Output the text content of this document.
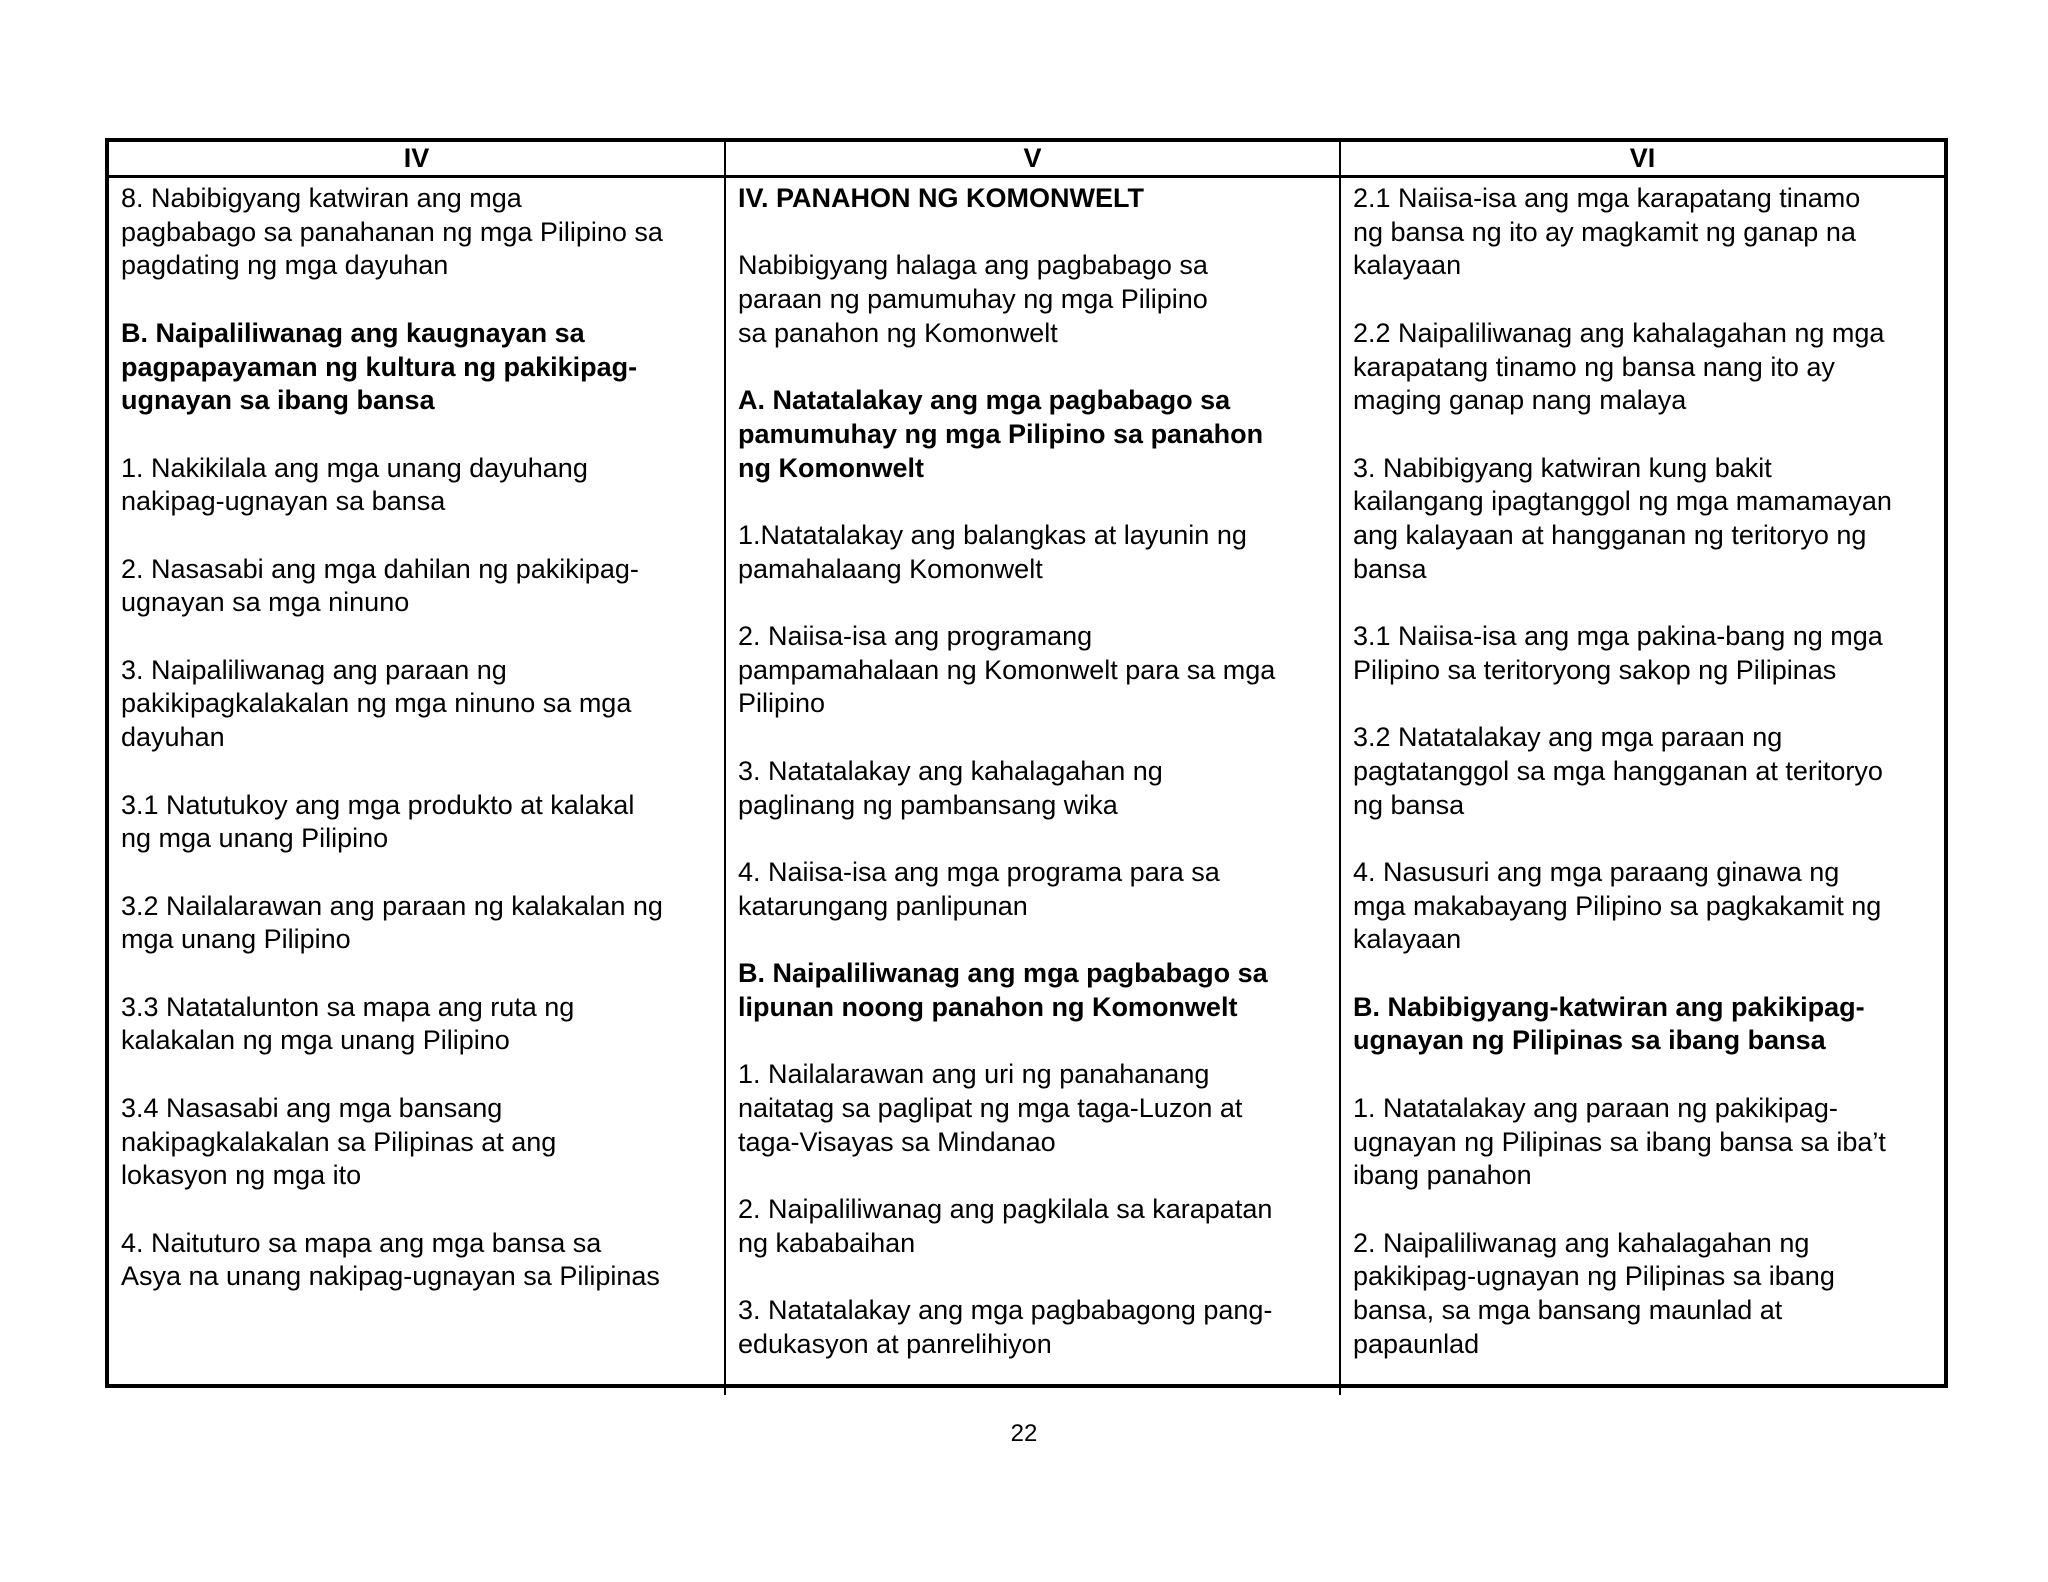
IV	V	VI

8. Nabibigyang katwiran ang mga
pagbabago sa panahanan ng mga Pilipino sa
pagdating ng mga dayuhan

B. Naipaliliwanag ang kaugnayan sa
pagpapayaman ng kultura ng pakikipag-
ugnayan sa ibang bansa

1. Nakikilala ang mga unang dayuhang
nakipag-ugnayan sa bansa

2. Nasasabi ang mga dahilan ng pakikipag-
ugnayan sa mga ninuno

3. Naipaliliwanag ang paraan ng
pakikipagkalakalan ng mga ninuno sa mga
dayuhan

3.1 Natutukoy ang mga produkto at kalakal
ng mga unang Pilipino

3.2 Nailalarawan ang paraan ng kalakalan ng
mga unang Pilipino

3.3 Natatalunton sa mapa ang ruta ng
kalakalan ng mga unang Pilipino

3.4 Nasasabi ang mga bansang
nakipagkalakalan sa Pilipinas at ang
lokasyon ng mga ito

4. Naituturo sa mapa ang mga bansa sa
Asya na unang nakipag-ugnayan sa Pilipinas

IV. PANAHON NG KOMONWELT

Nabibigyang halaga ang pagbabago sa
paraan ng pamumuhay ng mga Pilipino
sa panahon ng Komonwelt

A. Natatalakay ang mga pagbabago sa
pamumuhay ng mga Pilipino sa panahon
ng Komonwelt

1.Natatalakay ang balangkas at layunin ng
pamahalaang Komonwelt

2. Naiisa-isa ang programang
pampamahalaan ng Komonwelt para sa mga
Pilipino

3. Natatalakay ang kahalagahan ng
paglinang ng pambansang wika

4. Naiisa-isa ang mga programa para sa
katarungang panlipunan

B. Naipaliliwanag ang mga pagbabago sa
lipunan noong panahon ng Komonwelt

1. Nailalarawan ang uri ng panahanang
naitatag sa paglipat ng mga taga-Luzon at
taga-Visayas sa Mindanao

2. Naipaliliwanag ang pagkilala sa karapatan
ng kababaihan

3. Natatalakay ang mga pagbabagong pang-
edukasyon at panrelihiyon

2.1 Naiisa-isa ang mga karapatang tinamo
ng bansa ng ito ay magkamit ng ganap na
kalayaan

2.2 Naipaliliwanag ang kahalagahan ng mga
karapatang tinamo ng bansa nang ito ay
maging ganap nang malaya

3. Nabibigyang katwiran kung bakit
kailangang ipagtanggol ng mga mamamayan
ang kalayaan at hangganan ng teritoryo ng
bansa

3.1 Naiisa-isa ang mga pakina-bang ng mga
Pilipino sa teritoryong sakop ng Pilipinas

3.2 Natatalakay ang mga paraan ng
pagtatanggol sa mga hangganan at teritoryo
ng bansa

4. Nasusuri ang mga paraang ginawa ng
mga makabayang Pilipino sa pagkakamit ng
kalayaan

B. Nabibigyang-katwiran ang pakikipag-
ugnayan ng Pilipinas sa ibang bansa

1. Natatalakay ang paraan ng pakikipag-
ugnayan ng Pilipinas sa ibang bansa sa iba’t
ibang panahon

2. Naipaliliwanag ang kahalagahan ng
pakikipag-ugnayan ng Pilipinas sa ibang
bansa, sa mga bansang maunlad at
papaunlad

22
